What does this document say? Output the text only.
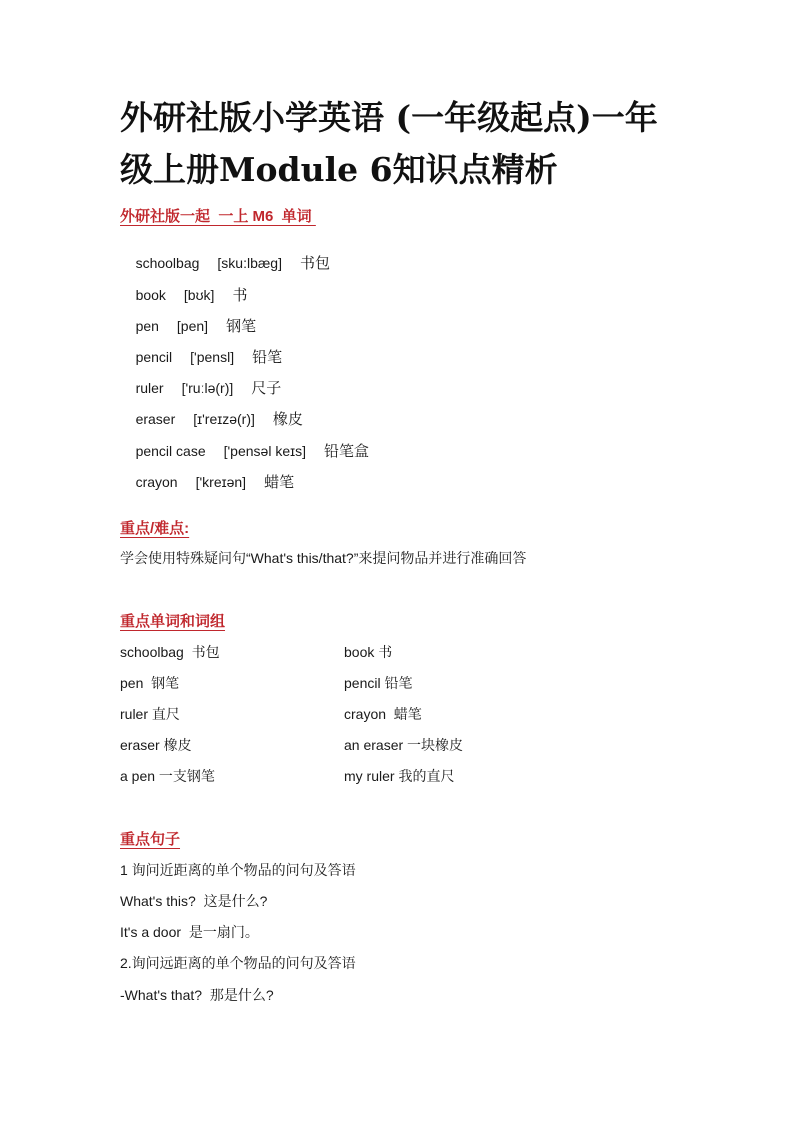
外研社版小学英语 (一年级起点)一年
级上册Module 6知识点精析
外研社版一起  一上 M6  单词

schoolbag [sku:lbæɡ] 书包

book [bʊk] 书

pen [pen] 钢笔

pencil ['pensl] 铅笔

ruler ['ruːlə(r)] 尺子

eraser [ɪ'reɪzə(r)] 橡皮

pencil case ['pensəl keɪs] 铅笔盒

crayon ['kreɪən] 蜡笔

重点/难点:
学会使用特殊疑问句“What's this/that?”来提问物品并进行准确回答
重点单词和词组
schoolbag  书包	book 书
pen  钢笔	pencil 铅笔
ruler 直尺	crayon  蜡笔
eraser 橡皮	an eraser 一块橡皮
a pen 一支钢笔	my ruler 我的直尺
重点句子
1 询问近距离的单个物品的问句及答语
What's this?  这是什么?
It's a door  是一扇门。
2.询问远距离的单个物品的问句及答语
-What's that?  那是什么?
